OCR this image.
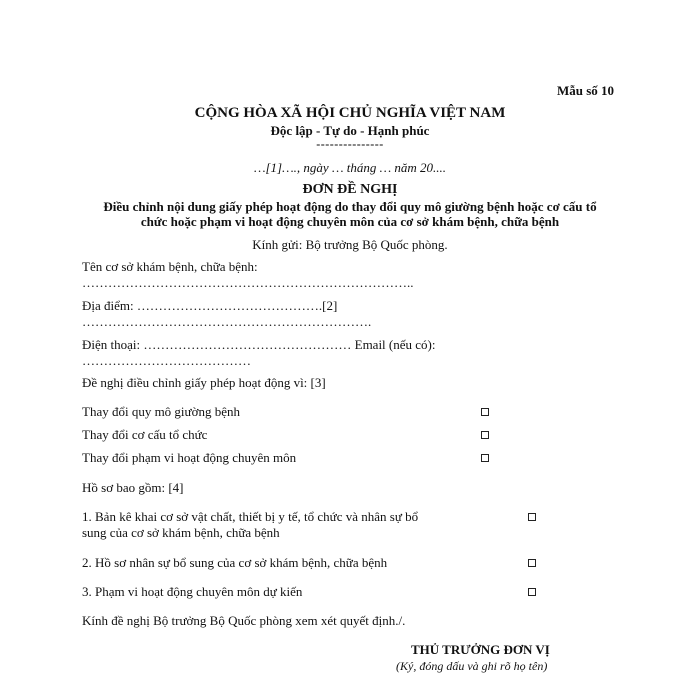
Mẫu số 10
CỘNG HÒA XÃ HỘI CHỦ NGHĨA VIỆT NAM
Độc lập - Tự do - Hạnh phúc
---------------
…[1]…., ngày … tháng … năm 20....
ĐƠN ĐỀ NGHỊ
Điều chỉnh nội dung giấy phép hoạt động do thay đổi quy mô giường bệnh hoặc cơ cấu tổ
chức hoặc phạm vi hoạt động chuyên môn của cơ sở khám bệnh, chữa bệnh
Kính gửi: Bộ trưởng Bộ Quốc phòng.
Tên cơ sở khám bệnh, chữa bệnh:
…………………………………………………………………..
Địa điểm: …………………………………….[2]
………………………………………………………….
Điện thoại: ………………………………………… Email (nếu có):
…………………………………
Đề nghị điều chỉnh giấy phép hoạt động vì: [3]
Thay đổi quy mô giường bệnh
Thay đổi cơ cấu tổ chức
Thay đổi phạm vi hoạt động chuyên môn
Hồ sơ bao gồm: [4]
1. Bản kê khai cơ sở vật chất, thiết bị y tế, tổ chức và nhân sự bổ
sung của cơ sở khám bệnh, chữa bệnh
2. Hồ sơ nhân sự bổ sung của cơ sở khám bệnh, chữa bệnh
3. Phạm vi hoạt động chuyên môn dự kiến
Kính đề nghị Bộ trưởng Bộ Quốc phòng xem xét quyết định./.
THỦ TRƯỞNG ĐƠN VỊ
(Ký, đóng dấu và ghi rõ họ tên)
